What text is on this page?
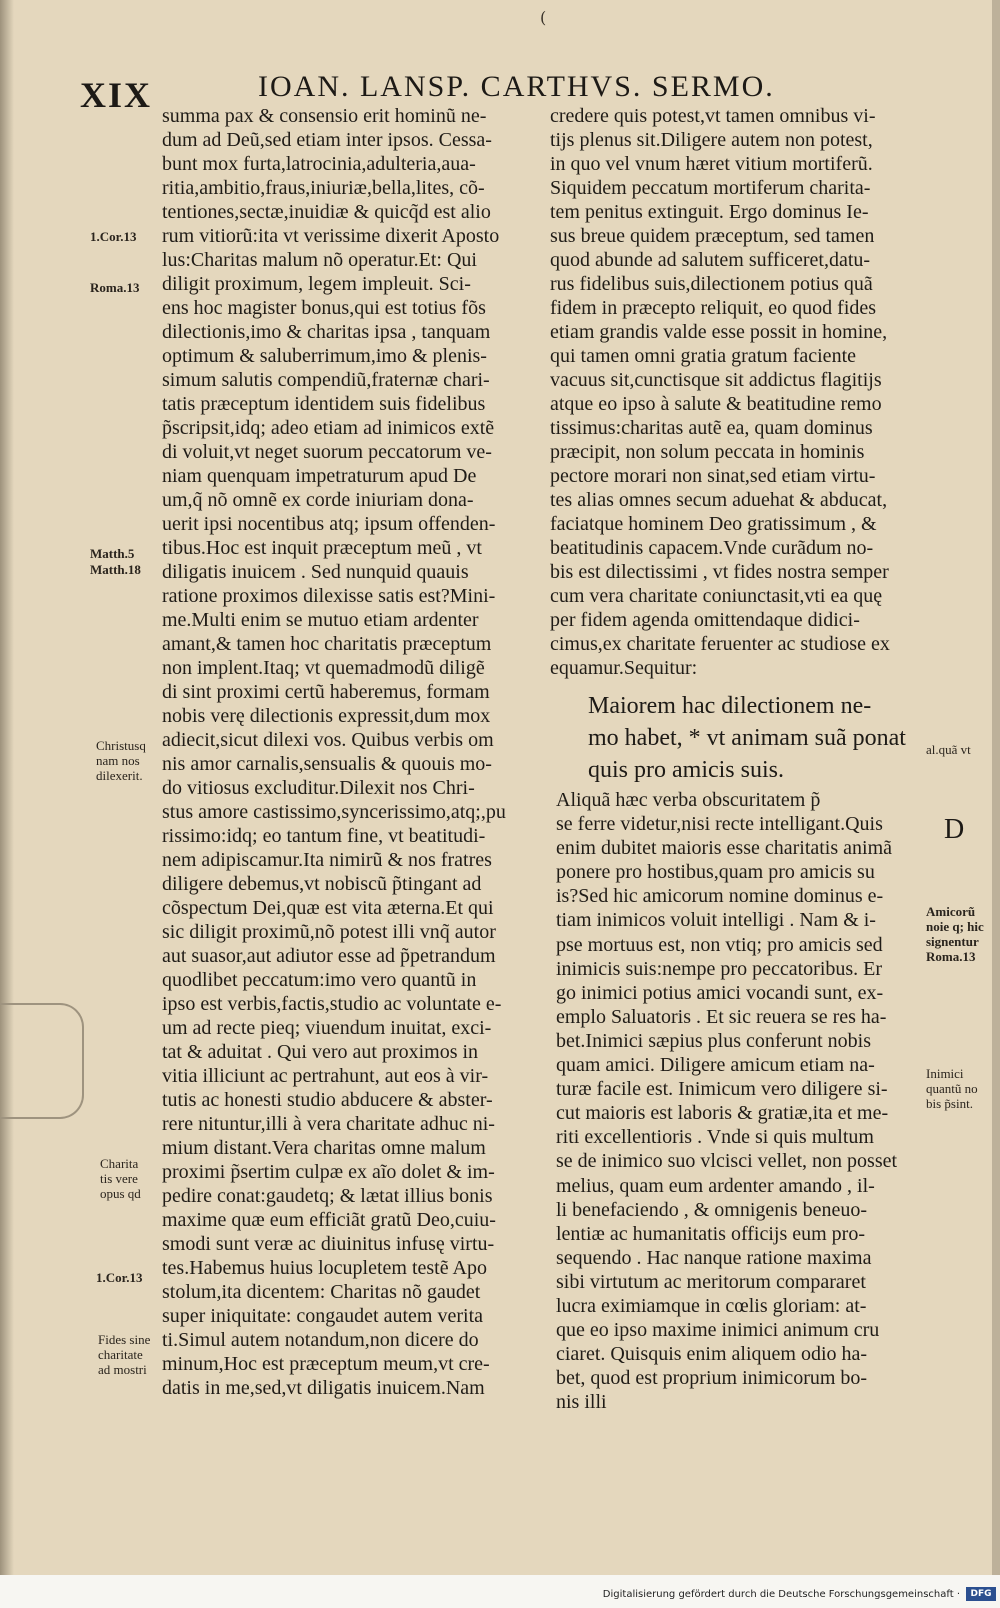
(
XIX	IOAN. LANSP. CARTHVS. SERMO.
summa pax & consensio erit hominũ ne-
dum ad Deũ,sed etiam inter ipsos. Cessa-
bunt mox furta,latrocinia,adulteria,aua-
ritia,ambitio,fraus,iniuriæ,bella,lites, cõ-
tentiones,sectæ,inuidiæ & quicq̃d est alio
rum vitiorũ:ita vt verissime dixerit Aposto
lus:Charitas malum nõ operatur.Et: Qui
diligit proximum, legem impleuit. Sci-
ens hoc magister bonus,qui est totius fõs
dilectionis,imo & charitas ipsa , tanquam
optimum & saluberrimum,imo & plenis-
simum salutis compendiũ,fraternæ chari-
tatis præceptum identidem suis fidelibus
p̃scripsit,idq; adeo etiam ad inimicos extẽ
di voluit,vt neget suorum peccatorum ve-
niam quenquam impetraturum apud De
um,q̃ nõ omnẽ ex corde iniuriam dona-
uerit ipsi nocentibus atq; ipsum offenden-
tibus.Hoc est inquit præceptum meũ , vt
diligatis inuicem . Sed nunquid quauis
ratione proximos dilexisse satis est?Mini-
me.Multi enim se mutuo etiam ardenter
amant,& tamen hoc charitatis præceptum
non implent.Itaq; vt quemadmodũ diligẽ
di sint proximi certũ haberemus, formam
nobis verę dilectionis expressit,dum mox
adiecit,sicut dilexi vos. Quibus verbis om
nis amor carnalis,sensualis & quouis mo-
do vitiosus excluditur.Dilexit nos Chri-
stus amore castissimo,syncerissimo,atq;,pu
rissimo:idq; eo tantum fine, vt beatitudi-
nem adipiscamur.Ita nimirũ & nos fratres
diligere debemus,vt nobiscũ p̃tingant ad
cõspectum Dei,quæ est vita æterna.Et qui
sic diligit proximũ,nõ potest illi vnq̃ autor
aut suasor,aut adiutor esse ad p̃petrandum
quodlibet peccatum:imo vero quantũ in
ipso est verbis,factis,studio ac voluntate e-
um ad recte pieq; viuendum inuitat, exci-
tat & aduitat . Qui vero aut proximos in
vitia illiciunt ac pertrahunt, aut eos à vir-
tutis ac honesti studio abducere & abster-
rere nituntur,illi à vera charitate adhuc ni-
mium distant.Vera charitas omne malum
proximi p̃sertim culpæ ex aĩo dolet & im-
pedire conat:gaudetq; & lætat illius bonis
maxime quæ eum efficiãt gratũ Deo,cuiu-
smodi sunt veræ ac diuinitus infusę virtu-
tes.Habemus huius locupletem testẽ Apo
stolum,ita dicentem: Charitas nõ gaudet
super iniquitate: congaudet autem verita
ti.Simul autem notandum,non dicere do
minum,Hoc est præceptum meum,vt cre-
datis in me,sed,vt diligatis inuicem.Nam
credere quis potest,vt tamen omnibus vi-
tijs plenus sit.Diligere autem non potest,
in quo vel vnum hæret vitium mortiferũ.
Siquidem peccatum mortiferum charita-
tem penitus extinguit. Ergo dominus Ie-
sus breue quidem præceptum, sed tamen
quod abunde ad salutem sufficeret,datu-
rus fidelibus suis,dilectionem potius quã
fidem in præcepto reliquit, eo quod fides
etiam grandis valde esse possit in homine,
qui tamen omni gratia gratum faciente
vacuus sit,cunctisque sit addictus flagitijs
atque eo ipso à salute & beatitudine remo
tissimus:charitas autẽ ea, quam dominus
præcipit, non solum peccata in hominis
pectore morari non sinat,sed etiam virtu-
tes alias omnes secum aduehat & abducat,
faciatque hominem Deo gratissimum , &
beatitudinis capacem.Vnde curãdum no-
bis est dilectissimi , vt fides nostra semper
cum vera charitate coniunctasit,vti ea quę
per fidem agenda omittendaque didici-
cimus,ex charitate feruenter ac studiose ex
equamur.Sequitur:
Maiorem hac dilectionem ne-
mo habet, * vt animam suã ponat
quis pro amicis suis.
Aliquã hæc verba obscuritatem p̃
se ferre videtur,nisi recte intelligant.Quis
enim dubitet maioris esse charitatis animã
ponere pro hostibus,quam pro amicis su
is?Sed hic amicorum nomine dominus e-
tiam inimicos voluit intelligi . Nam & i-
pse mortuus est, non vtiq; pro amicis sed
inimicis suis:nempe pro peccatoribus. Er
go inimici potius amici vocandi sunt, ex-
emplo Saluatoris . Et sic reuera se res ha-
bet.Inimici sæpius plus conferunt nobis
quam amici. Diligere amicum etiam na-
turæ facile est. Inimicum vero diligere si-
cut maioris est laboris & gratiæ,ita et me-
riti excellentioris . Vnde si quis multum
se de inimico suo vlcisci vellet, non posset
melius, quam eum ardenter amando , il-
li benefaciendo , & omnigenis beneuo-
lentiæ ac humanitatis officijs eum pro-
sequendo . Hac nanque ratione maxima
sibi virtutum ac meritorum compararet
lucra eximiamque in cœlis gloriam: at-
que eo ipso maxime inimici animum cru
ciaret. Quisquis enim aliquem odio ha-
bet, quod est proprium inimicorum bo-
nis illi
D
1.Cor.13
Roma.13
Matth.5
Matth.18
Christusq
nam nos
dilexerit.
Charita
tis vere
opus qd
1.Cor.13
Fides sine
charitate
ad mostri
al.quã vt
Amicorũ
noie q; hic
signentur
Roma.13
Inimici
quantũ no
bis p̃sint.
Digitalisierung gefördert durch die Deutsche Forschungsgemeinschaft ·	DFG
